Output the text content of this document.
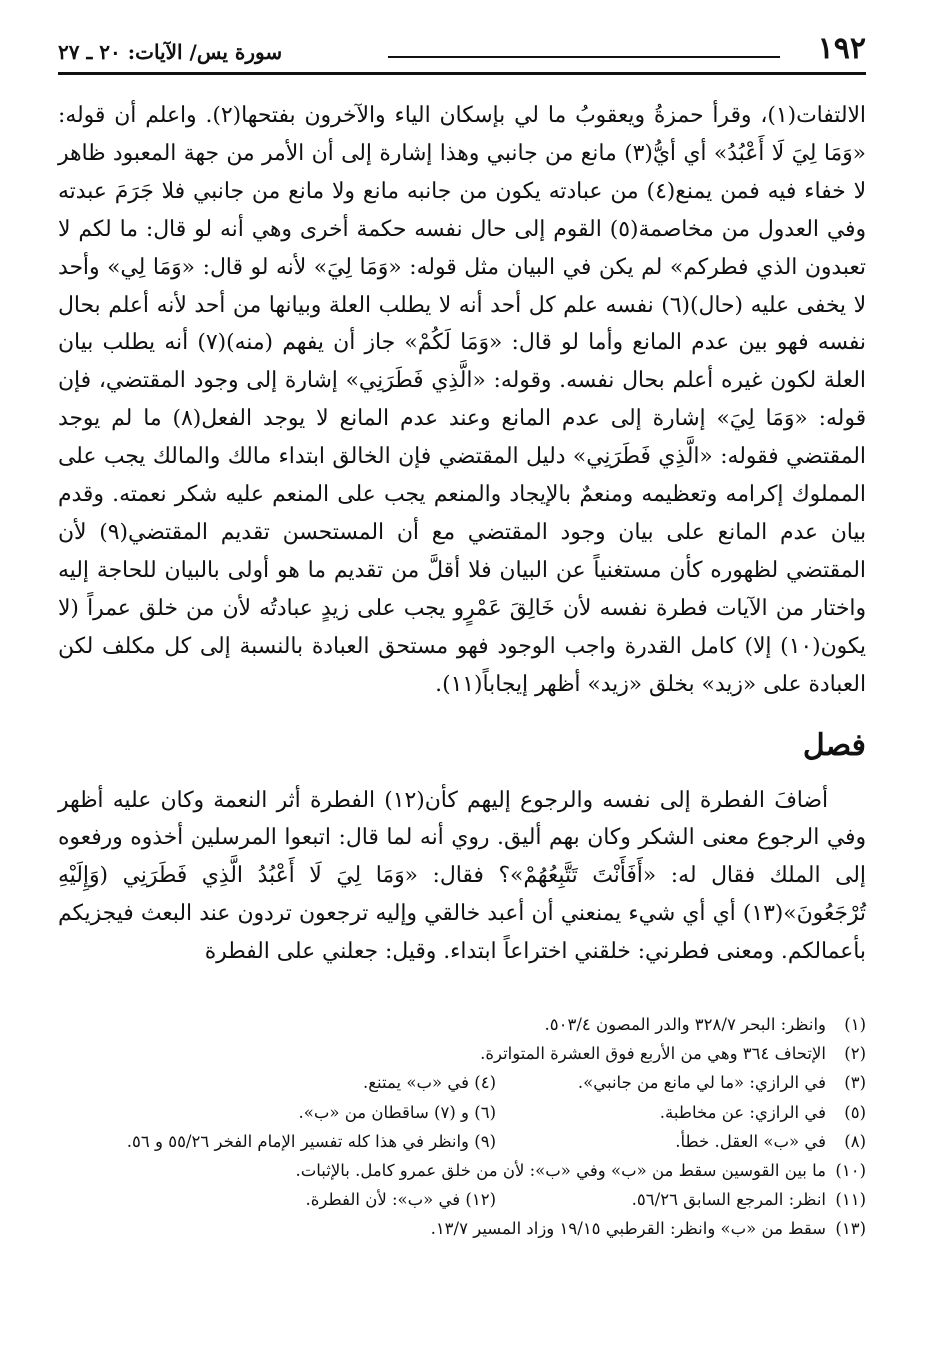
١٩٢
سورة يس/ الآيات: ٢٠ ـ ٢٧

الالتفات(١)، وقرأ حمزةُ ويعقوبُ ما لي بإسكان الياء والآخرون بفتحها(٢). واعلم أن قوله: «وَمَا لِيَ لَا أَعْبُدُ» أي أيُّ(٣) مانع من جانبي وهذا إشارة إلى أن الأمر من جهة المعبود ظاهر لا خفاء فيه فمن يمنع(٤) من عبادته يكون من جانبه مانع ولا مانع من جانبي فلا جَرَمَ عبدته وفي العدول من مخاصمة(٥) القوم إلى حال نفسه حكمة أخرى وهي أنه لو قال: ما لكم لا تعبدون الذي فطركم» لم يكن في البيان مثل قوله: «وَمَا لِيَ» لأنه لو قال: «وَمَا لِي» وأحد لا يخفى عليه (حال)(٦) نفسه علم كل أحد أنه لا يطلب العلة وبيانها من أحد لأنه أعلم بحال نفسه فهو بين عدم المانع وأما لو قال: «وَمَا لَكُمْ» جاز أن يفهم (منه)(٧) أنه يطلب بيان العلة لكون غيره أعلم بحال نفسه. وقوله: «الَّذِي فَطَرَنِي» إشارة إلى وجود المقتضي، فإن قوله: «وَمَا لِيَ» إشارة إلى عدم المانع وعند عدم المانع لا يوجد الفعل(٨) ما لم يوجد المقتضي فقوله: «الَّذِي فَطَرَنِي» دليل المقتضي فإن الخالق ابتداء مالك والمالك يجب على المملوك إكرامه وتعظيمه ومنعمٌ بالإيجاد والمنعم يجب على المنعم عليه شكر نعمته. وقدم بيان عدم المانع على بيان وجود المقتضي مع أن المستحسن تقديم المقتضي(٩) لأن المقتضي لظهوره كأن مستغنياً عن البيان فلا أقلَّ من تقديم ما هو أولى بالبيان للحاجة إليه واختار من الآيات فطرة نفسه لأن خَالِقَ عَمْرٍو يجب على زيدٍ عبادتُه لأن من خلق عمراً (لا يكون(١٠) إلا) كامل القدرة واجب الوجود فهو مستحق العبادة بالنسبة إلى كل مكلف لكن العبادة على «زيد» بخلق «زيد» أظهر إيجاباً(١١).

فصل

أضافَ الفطرة إلى نفسه والرجوع إليهم كأن(١٢) الفطرة أثر النعمة وكان عليه أظهر وفي الرجوع معنى الشكر وكان بهم أليق. روي أنه لما قال: اتبعوا المرسلين أخذوه ورفعوه إلى الملك فقال له: «أَفَأَنْتَ تَتَّبِعُهُمْ»؟ فقال: «وَمَا لِيَ لَا أَعْبُدُ الَّذِي فَطَرَنِي (وَإِلَيْهِ تُرْجَعُونَ»(١٣) أي أي شيء يمنعني أن أعبد خالقي وإليه ترجعون تردون عند البعث فيجزيكم بأعمالكم. ومعنى فطرني: خلقني اختراعاً ابتداء. وقيل: جعلني على الفطرة

(١)
وانظر: البحر ٣٢٨/٧ والدر المصون ٥٠٣/٤.
(٢)
الإتحاف ٣٦٤ وهي من الأربع فوق العشرة المتواترة.
(٣)
في الرازي: «ما لي مانع من جانبي».
(٤) في «ب» يمتنع.
(٥)
في الرازي: عن مخاطبة.
(٦) و (٧) ساقطان من «ب».
(٨)
في «ب» العقل. خطأ.
(٩) وانظر في هذا كله تفسير الإمام الفخر ٥٥/٢٦ و ٥٦.
(١٠)
ما بين القوسين سقط من «ب» وفي «ب»: لأن من خلق عمرو كامل. بالإثبات.
(١١)
انظر: المرجع السابق ٥٦/٢٦.
(١٢) في «ب»: لأن الفطرة.
(١٣)
سقط من «ب» وانظر: القرطبي ١٩/١٥ وزاد المسير ١٣/٧.
